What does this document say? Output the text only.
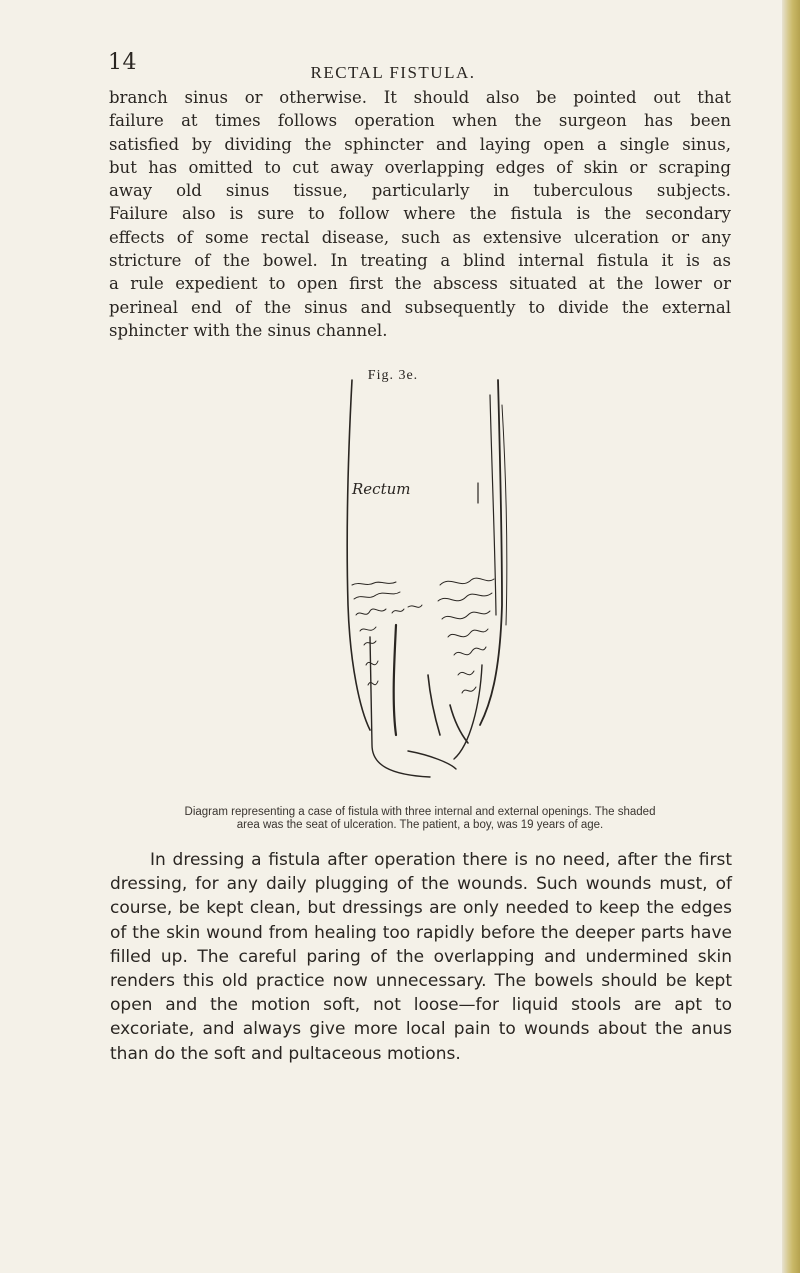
14	RECTAL FISTULA.
branch sinus or otherwise. It should also be pointed out that
failure at times follows operation when the surgeon has been
satisfied by dividing the sphincter and laying open a single sinus,
but has omitted to cut away overlapping edges of skin or scraping
away old sinus tissue, particularly in tuberculous subjects.
Failure also is sure to follow where the fistula is the secondary
effects of some rectal disease, such as extensive ulceration or any
stricture of the bowel. In treating a blind internal fistula it is as
a rule expedient to open first the abscess situated at the lower or
perineal end of the sinus and subsequently to divide the external
sphincter with the sinus channel.
Fig. 3e.
Rectum
Diagram representing a case of fistula with three internal and external openings. The shaded
area was the seat of ulceration. The patient, a boy, was 19 years of age.
In dressing a fistula after operation there is no need, after the first dressing, for any daily plugging of the wounds. Such wounds must, of course, be kept clean, but dressings are only needed to keep the edges of the skin wound from healing too rapidly before the deeper parts have filled up. The careful paring of the overlapping and undermined skin renders this old practice now unnecessary. The bowels should be kept open and the motion soft, not loose—for liquid stools are apt to excoriate, and always give more local pain to wounds about the anus than do the soft and pultaceous motions.
